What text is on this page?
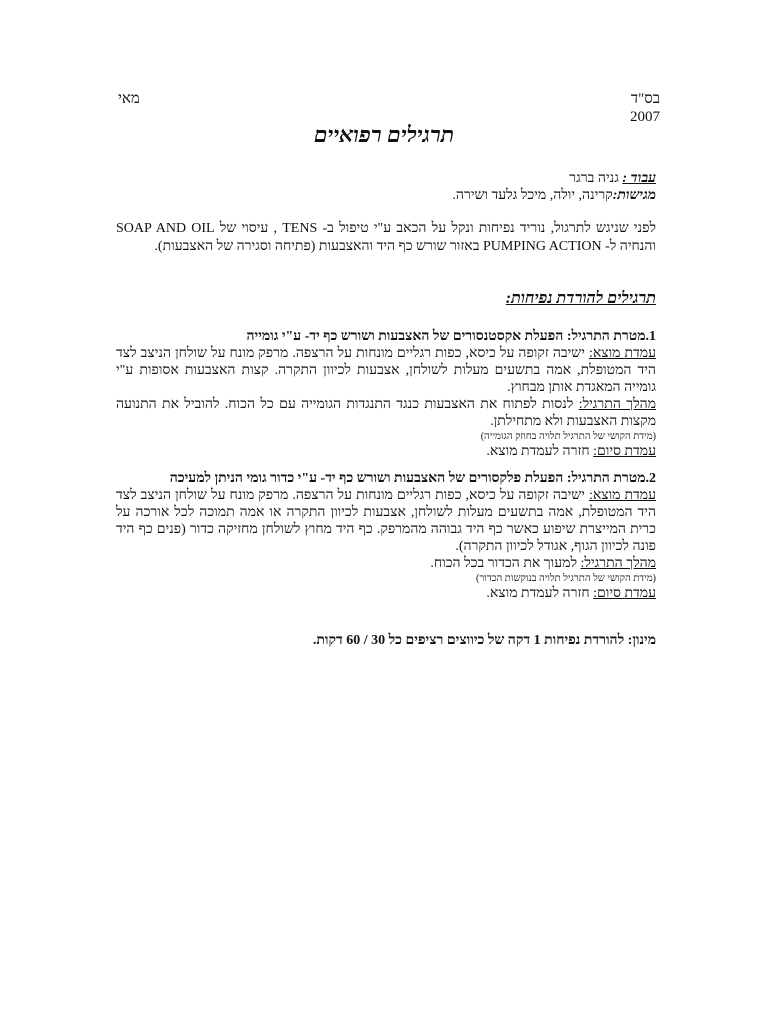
מאי	בס"ד
2007
תרגילים רפואיים
עבוד : גניה ברגר
מגישות:קרינה, יולה, מיכל גלעד ושירה.
לפני שניגש לתרגול, נוריד נפיחות ונקל על הכאב ע"י טיפול ב- TENS , עיסוי של SOAP AND OIL והנחיה ל- PUMPING ACTION באזור שורש כף היד והאצבעות (פתיחה וסגירה של האצבעות).
תרגילים להורדת נפיחות:
1.מטרת התרגיל: הפעלת אקסטנסורים של האצבעות ושורש כף יד- ע"י גומייה
עמדת מוצא: ישיבה זקופה על כיסא, כפות רגליים מונחות על הרצפה. מרפק מונח על שולחן הניצב לצד היד המטופלת, אמה בתשעים מעלות לשולחן, אצבעות לכיוון התקרה. קצות האצבעות אסופות ע"י גומייה המאגדת אותן מבחוץ.
מהלך התרגיל: לנסות לפתוח את האצבעות כנגד התנגדות הגומייה עם כל הכוח. להוביל את התנועה מקצות האצבעות ולא מתחילתן.
(מידת הקושי של התרגיל תלויה בחוזק הגומייה)
עמדת סיום: חזרה לעמדת מוצא.
2.מטרת התרגיל: הפעלת פלקסורים של האצבעות ושורש כף יד- ע"י כדור גומי הניתן למעיכה
עמדת מוצא: ישיבה זקופה על כיסא, כפות רגליים מונחות על הרצפה. מרפק מונח על שולחן הניצב לצד היד המטופלת, אמה בתשעים מעלות לשולחן, אצבעות לכיוון התקרה או אמה תמוכה לכל אורכה על כרית המייצרת שיפוע כאשר כף היד גבוהה מהמרפק. כף היד מחוץ לשולחן מחזיקה כדור (פנים כף היד פונה לכיוון הגוף, אגודל לכיוון התקרה).
מהלך התרגיל: למעוך את הכדור בכל הכוח.
(מידת הקושי של התרגיל תלויה בנוקשות הכדור)
עמדת סיום: חזרה לעמדת מוצא.
מינון: להורדת נפיחות 1 דקה של כיווצים רציפים כל 30 / 60 דקות.
